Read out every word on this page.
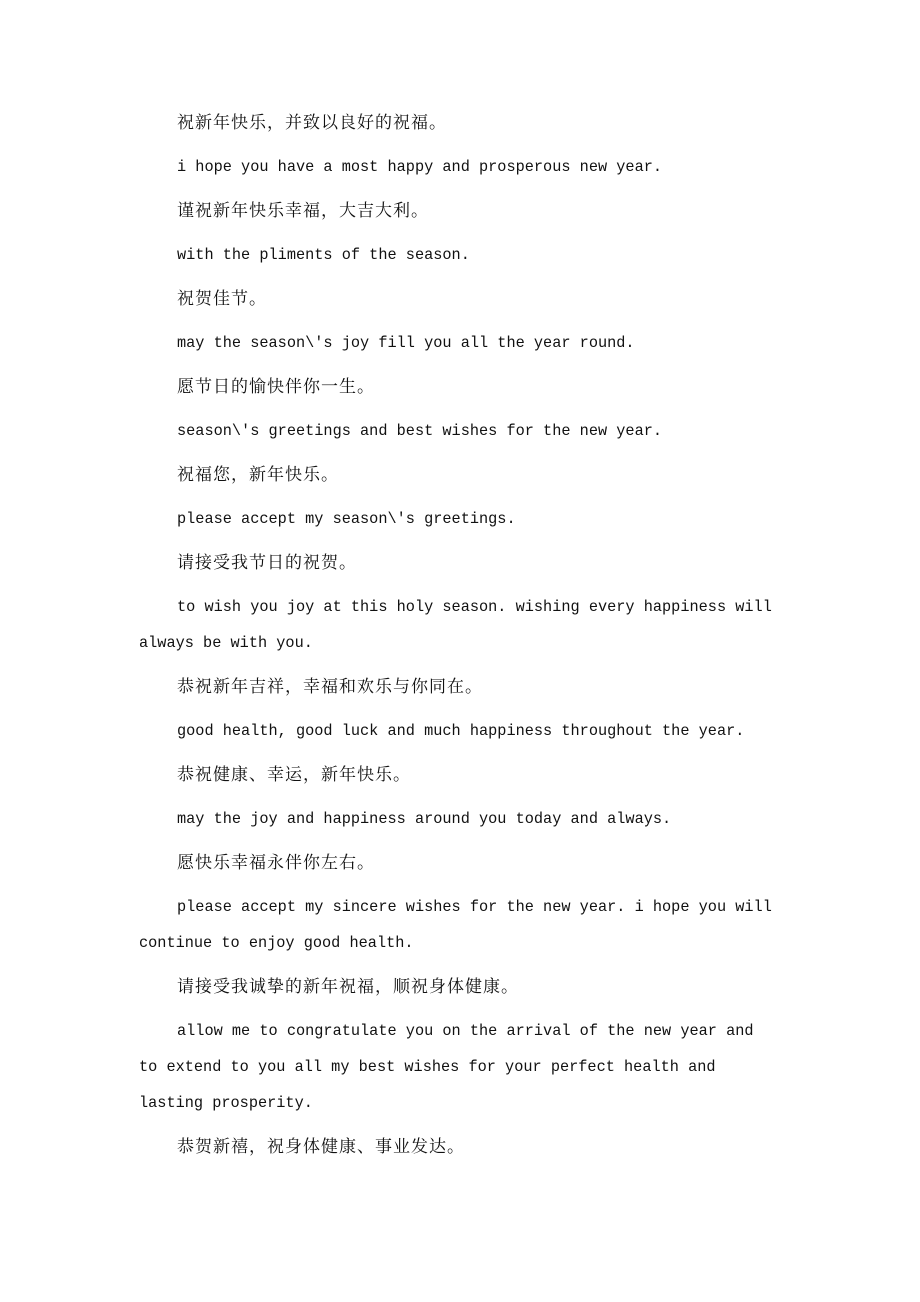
祝新年快乐，并致以良好的祝福。

i hope you have a most happy and prosperous new year.

谨祝新年快乐幸福，大吉大利。

with the pliments of the season.

祝贺佳节。

may the season\'s joy fill you all the year round.

愿节日的愉快伴你一生。

season\'s greetings and best wishes for the new year.

祝福您，新年快乐。

please accept my season\'s greetings.

请接受我节日的祝贺。

to wish you joy at this holy season. wishing every happiness will always be with you.

恭祝新年吉祥，幸福和欢乐与你同在。

good health, good luck and much happiness throughout the year.

恭祝健康、幸运，新年快乐。

may the joy and happiness around you today and always.

愿快乐幸福永伴你左右。

please accept my sincere wishes for the new year. i hope you will continue to enjoy good health.

请接受我诚挚的新年祝福，顺祝身体健康。

allow me to congratulate you on the arrival of the new year and to extend to you all my best wishes for your perfect health and lasting prosperity.

恭贺新禧，祝身体健康、事业发达。
